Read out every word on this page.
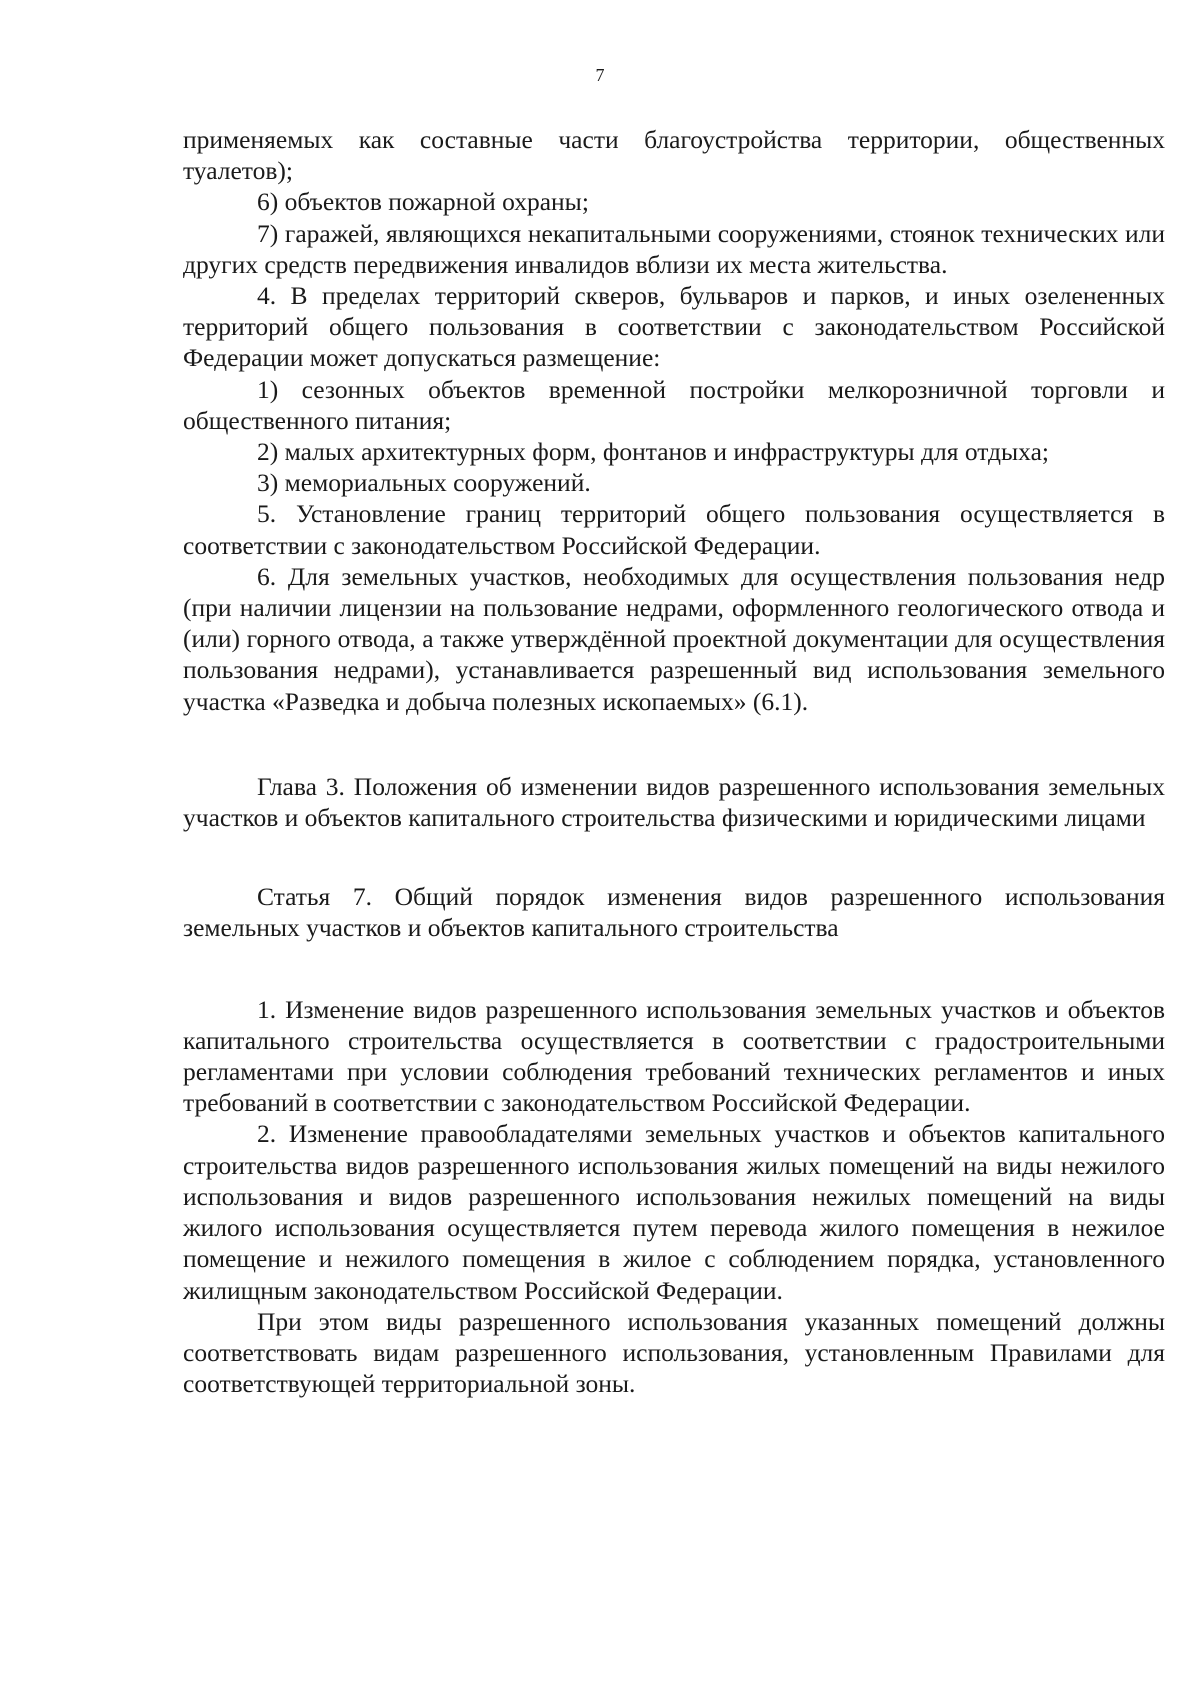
7

применяемых как составные части благоустройства территории, общественных туалетов);

6) объектов пожарной охраны;

7) гаражей, являющихся некапитальными сооружениями, стоянок технических или других средств передвижения инвалидов вблизи их места жительства.

4. В пределах территорий скверов, бульваров и парков, и иных озелененных территорий общего пользования в соответствии с законодательством Российской Федерации может допускаться размещение:

1) сезонных объектов временной постройки мелкорозничной торговли и общественного питания;

2) малых архитектурных форм, фонтанов и инфраструктуры для отдыха;

3) мемориальных сооружений.

5. Установление границ территорий общего пользования осуществляется в соответствии с законодательством Российской Федерации.

6. Для земельных участков, необходимых для осуществления пользования недр (при наличии лицензии на пользование недрами, оформленного геологического отвода и (или) горного отвода, а также утверждённой проектной документации для осуществления пользования недрами), устанавливается разрешенный вид использования земельного участка «Разведка и добыча полезных ископаемых» (6.1).

Глава 3. Положения об изменении видов разрешенного использования земельных участков и объектов капитального строительства физическими и юридическими лицами

Статья 7. Общий порядок изменения видов разрешенного использования земельных участков и объектов капитального строительства

1. Изменение видов разрешенного использования земельных участков и объектов капитального строительства осуществляется в соответствии с градостроительными регламентами при условии соблюдения требований технических регламентов и иных требований в соответствии с законодательством Российской Федерации.

2. Изменение правообладателями земельных участков и объектов капитального строительства видов разрешенного использования жилых помещений на виды нежилого использования и видов разрешенного использования нежилых помещений на виды жилого использования осуществляется путем перевода жилого помещения в нежилое помещение и нежилого помещения в жилое с соблюдением порядка, установленного жилищным законодательством Российской Федерации.

При этом виды разрешенного использования указанных помещений должны соответствовать видам разрешенного использования, установленным Правилами для соответствующей территориальной зоны.
